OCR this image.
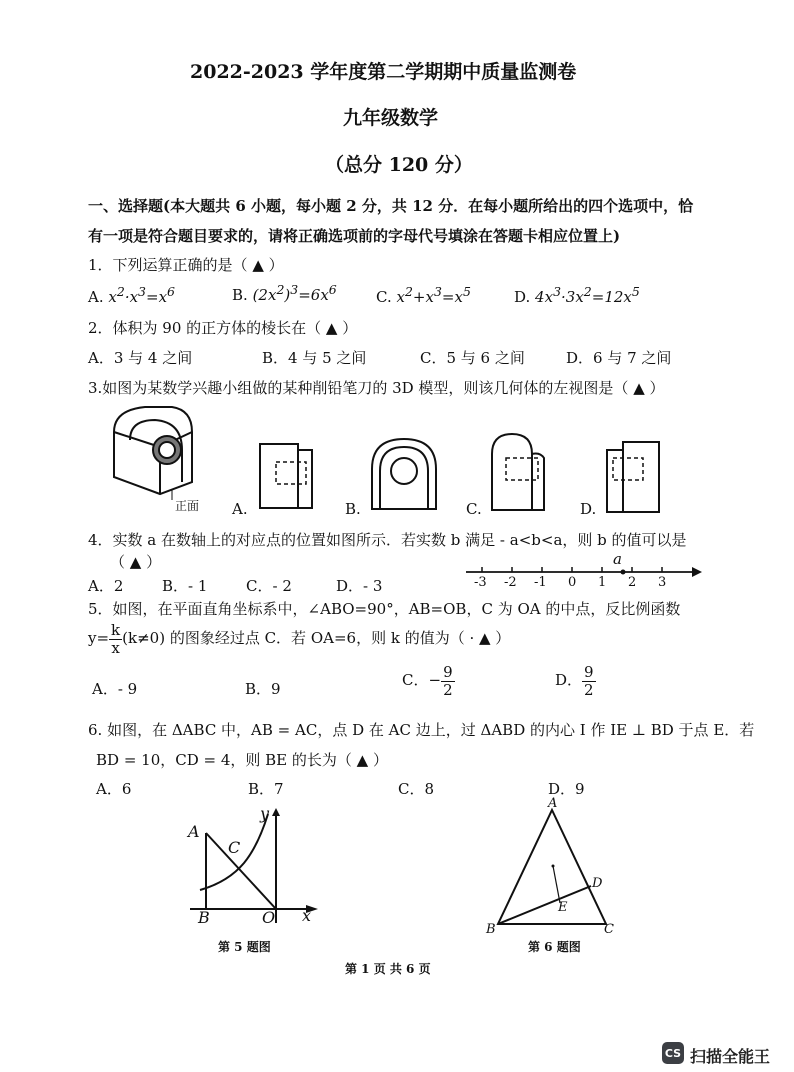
2022-2023 学年度第二学期期中质量监测卷
九年级数学
（总分 120 分）
一、选择题(本大题共 6 小题，每小题 2 分，共 12 分．在每小题所给出的四个选项中，恰
有一项是符合题目要求的，请将正确选项前的字母代号填涂在答题卡相应位置上)
1．下列运算正确的是（ ▲ ）
A. $x^2\cdot x^3=x^6$	B. $(2x^2)^3=6x^6$	C. $x^2+x^3=x^5$	D. $4x^3\cdot 3x^2=12x^5$
2．体积为 90 的正方体的棱长在（ ▲ ）
A．3 与 4 之间	B．4 与 5 之间	C．5 与 6 之间	D．6 与 7 之间
3.如图为某数学兴趣小组做的某种削铅笔刀的 3D 模型，则该几何体的左视图是（ ▲ ）
正面 A.	B.	C.	D.
4．实数 a 在数轴上的对应点的位置如图所示．若实数 b 满足 - a<b<a，则 b 的值可以是
（ ▲ ）
A．2	B．- 1	C．- 2	D．- 3
a
-3 -2 -1 0 1 2 3
5．如图，在平面直角坐标系中，∠ABO=90°，AB=OB，C 为 OA 的中点，反比例函数
$y= \frac{k}{x} (k\ne 0)$ 的图象经过点 C．若 OA=6，则 k 的值为（ · ▲ ）
A．- 9	B．9	C．− $\frac{9}{2}$	D． $\frac{9}{2}$
6. 如图，在 ΔABC 中，AB = AC，点 D 在 AC 边上，过 ΔABD 的内心 I 作 IE ⊥ BD 于点 E．若
BD = 10，CD = 4，则 BE 的长为（ ▲ ）
A．6	B．7	C．8	D．9
A
C
B	O x
y
第 5 题图
A
D
E
B	C
第 6 题图
第 1 页 共 6 页
CS 扫描全能王
